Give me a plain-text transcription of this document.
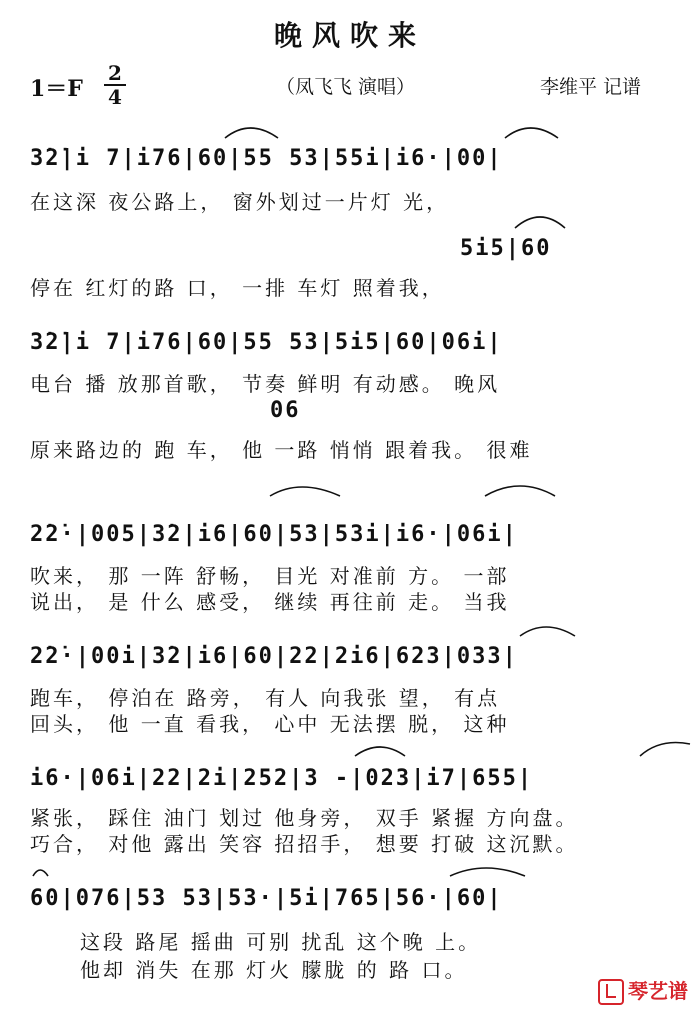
晚风吹来
1＝F
2
4	（凤飞飞 演唱）	李维平 记谱
3̇2̇|i 7|i76|60|55 53|55i|i6·|00|
在这深 夜公路上， 窗外划过一片灯 光，
5i5|60
停在 红灯的路 口， 一排 车灯 照着我，
3̇2̇|i 7|i76|60|55 53|5i5|60|06i|
电台 播 放那首歌， 节奏 鲜明 有动感。 晚风
06
原来路边的 跑 车， 他 一路 悄悄 跟着我。 很难
2̇2̇·|005|3̇2|i6|60|53|53i|i6·|06i|
吹来， 那 一阵 舒畅， 目光 对准前 方。 一部
说出， 是 什么 感受， 继续 再往前 走。 当我
2̇2̇·|00i|3̇2|i6|60|22|2i6|623|033|
跑车， 停泊在 路旁， 有人 向我张 望， 有点
回头， 他 一直 看我， 心中 无法摆 脱， 这种
i6·|06i|22|2i|252|3 -|023|i7|655|
紧张， 踩住 油门 划过 他身旁， 双手 紧握 方向盘。
巧合， 对他 露出 笑容 招招手， 想要 打破 这沉默。
60|076|53 53|53·|5i|765|56·|60|
这段 路尾 摇曲 可别 扰乱 这个晚 上。
他却 消失 在那 灯火 朦胧 的 路 口。
琴艺谱
